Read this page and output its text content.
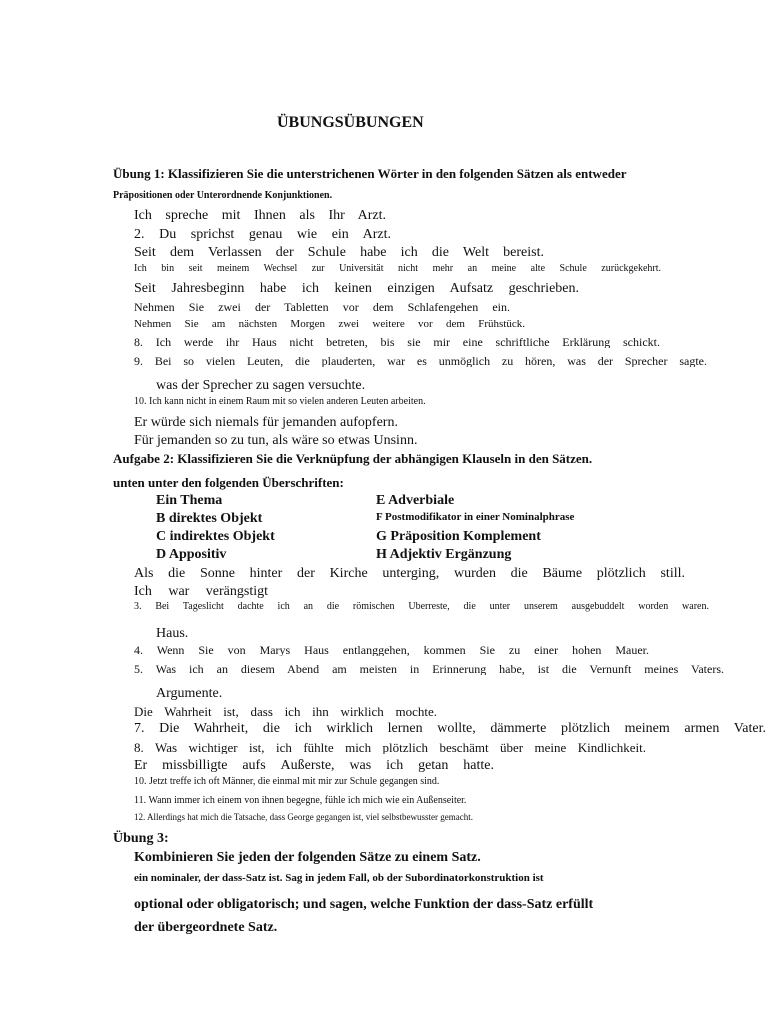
ÜBUNGSÜBUNGEN
Übung 1: Klassifizieren Sie die unterstrichenen Wörter in den folgenden Sätzen als entweder
Präpositionen oder Unterordnende Konjunktionen.
Ich spreche mit Ihnen als Ihr Arzt.
2. Du sprichst genau wie ein Arzt.
Seit dem Verlassen der Schule habe ich die Welt bereist.
Ich bin seit meinem Wechsel zur Universität nicht mehr an meine alte Schule zurückgekehrt.
Seit Jahresbeginn habe ich keinen einzigen Aufsatz geschrieben.
Nehmen Sie zwei der Tabletten vor dem Schlafengehen ein.
Nehmen Sie am nächsten Morgen zwei weitere vor dem Frühstück.
8. Ich werde ihr Haus nicht betreten, bis sie mir eine schriftliche Erklärung schickt.
9. Bei so vielen Leuten, die plauderten, war es unmöglich zu hören, was der Sprecher sagte.
was der Sprecher zu sagen versuchte.
10. Ich kann nicht in einem Raum mit so vielen anderen Leuten arbeiten.
Er würde sich niemals für jemanden aufopfern.
Für jemanden so zu tun, als wäre so etwas Unsinn.
Aufgabe 2: Klassifizieren Sie die Verknüpfung der abhängigen Klauseln in den Sätzen.
unten unter den folgenden Überschriften:
Ein Thema
B direktes Objekt
C indirektes Objekt
D Appositiv
E Adverbiale
F Postmodifikator in einer Nominalphrase
G Präposition Komplement
H Adjektiv Ergänzung
Als die Sonne hinter der Kirche unterging, wurden die Bäume plötzlich still.
Ich war verängstigt
3. Bei Tageslicht dachte ich an die römischen Überreste, die unter unserem ausgebuddelt worden waren.
Haus.
4. Wenn Sie von Marys Haus entlanggehen, kommen Sie zu einer hohen Mauer.
5. Was ich an diesem Abend am meisten in Erinnerung habe, ist die Vernunft meines Vaters.
Argumente.
Die Wahrheit ist, dass ich ihn wirklich mochte.
7. Die Wahrheit, die ich wirklich lernen wollte, dämmerte plötzlich meinem armen Vater.
8. Was wichtiger ist, ich fühlte mich plötzlich beschämt über meine Kindlichkeit.
Er missbilligte aufs Äußerste, was ich getan hatte.
10. Jetzt treffe ich oft Männer, die einmal mit mir zur Schule gegangen sind.
11. Wann immer ich einem von ihnen begegne, fühle ich mich wie ein Außenseiter.
12. Allerdings hat mich die Tatsache, dass George gegangen ist, viel selbstbewusster gemacht.
Übung 3:
Kombinieren Sie jeden der folgenden Sätze zu einem Satz.
ein nominaler, der dass-Satz ist. Sag in jedem Fall, ob der Subordinatorkonstruktion ist
optional oder obligatorisch; und sagen, welche Funktion der dass-Satz erfüllt
der übergeordnete Satz.
